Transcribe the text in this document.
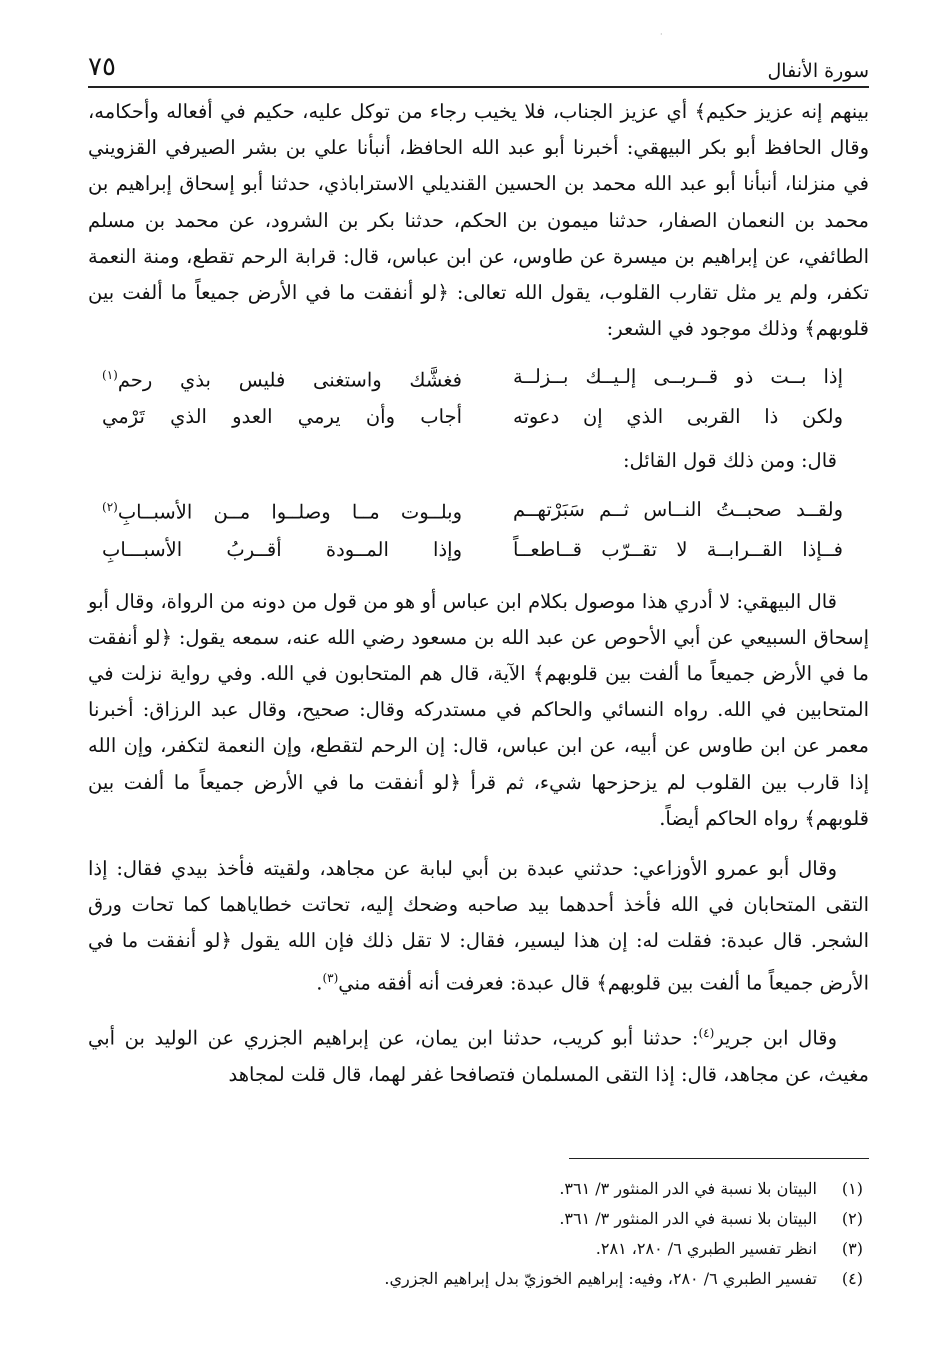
·
٧٥	سورة الأنفال

بينهم إنه عزيز حكيم﴾ أي عزيز الجناب، فلا يخيب رجاء من توكل عليه، حكيم في أفعاله وأحكامه، وقال الحافظ أبو بكر البيهقي: أخبرنا أبو عبد الله الحافظ، أنبأنا علي بن بشر الصيرفي القزويني في منزلنا، أنبأنا أبو عبد الله محمد بن الحسين القنديلي الاستراباذي، حدثنا أبو إسحاق إبراهيم بن محمد بن النعمان الصفار، حدثنا ميمون بن الحكم، حدثنا بكر بن الشرود، عن محمد بن مسلم الطائفي، عن إبراهيم بن ميسرة عن طاوس، عن ابن عباس، قال: قرابة الرحم تقطع، ومنة النعمة تكفر، ولم ير مثل تقارب القلوب، يقول الله تعالى: ﴿لو أنفقت ما في الأرض جميعاً ما ألفت بين قلوبهم﴾ وذلك موجود في الشعر:

إذا بــت ذو قــربــى إلـيــك بــزلــة
فغشَّك واستغنى فليس بذي رحم$^{(١)}$
ولكن ذا القربى الذي إن دعوته
أجاب وأن يرمي العدو الذي تَرْمي

قال: ومن ذلك قول القائل:

ولقــد صحبــتُ النــاس ثــم سَبَرْتهــم
وبلــوت مــا وصلــوا مــن الأسبــابِ$^{(٢)}$
فــإذا القــرابــة لا تقــرّب قــاطعــاً
وإذا المــودة أقــربُ الأسبـــابِ

قال البيهقي: لا أدري هذا موصول بكلام ابن عباس أو هو من قول من دونه من الرواة، وقال أبو إسحاق السبيعي عن أبي الأحوص عن عبد الله بن مسعود رضي الله عنه، سمعه يقول: ﴿لو أنفقت ما في الأرض جميعاً ما ألفت بين قلوبهم﴾ الآية، قال هم المتحابون في الله. وفي رواية نزلت في المتحابين في الله. رواه النسائي والحاكم في مستدركه وقال: صحيح، وقال عبد الرزاق: أخبرنا معمر عن ابن طاوس عن أبيه، عن ابن عباس، قال: إن الرحم لتقطع، وإن النعمة لتكفر، وإن الله إذا قارب بين القلوب لم يزحزحها شيء، ثم قرأ ﴿لو أنفقت ما في الأرض جميعاً ما ألفت بين قلوبهم﴾ رواه الحاكم أيضاً.

وقال أبو عمرو الأوزاعي: حدثني عبدة بن أبي لبابة عن مجاهد، ولقيته فأخذ بيدي فقال: إذا التقى المتحابان في الله فأخذ أحدهما بيد صاحبه وضحك إليه، تحاتت خطاياهما كما تحات ورق الشجر. قال عبدة: فقلت له: إن هذا ليسير، فقال: لا تقل ذلك فإن الله يقول ﴿لو أنفقت ما في الأرض جميعاً ما ألفت بين قلوبهم﴾ قال عبدة: فعرفت أنه أفقه مني$^{(٣)}$.

وقال ابن جرير$^{(٤)}$: حدثنا أبو كريب، حدثنا ابن يمان، عن إبراهيم الجزري عن الوليد بن أبي مغيث، عن مجاهد، قال: إذا التقى المسلمان فتصافحا غفر لهما، قال قلت لمجاهد

(١)
البيتان بلا نسبة في الدر المنثور ٣/ ٣٦١.
(٢)
البيتان بلا نسبة في الدر المنثور ٣/ ٣٦١.
(٣)
انظر تفسير الطبري ٦/ ٢٨٠، ٢٨١.
(٤)
تفسير الطبري ٦/ ٢٨٠، وفيه: إبراهيم الخوزيّ بدل إبراهيم الجزري.
